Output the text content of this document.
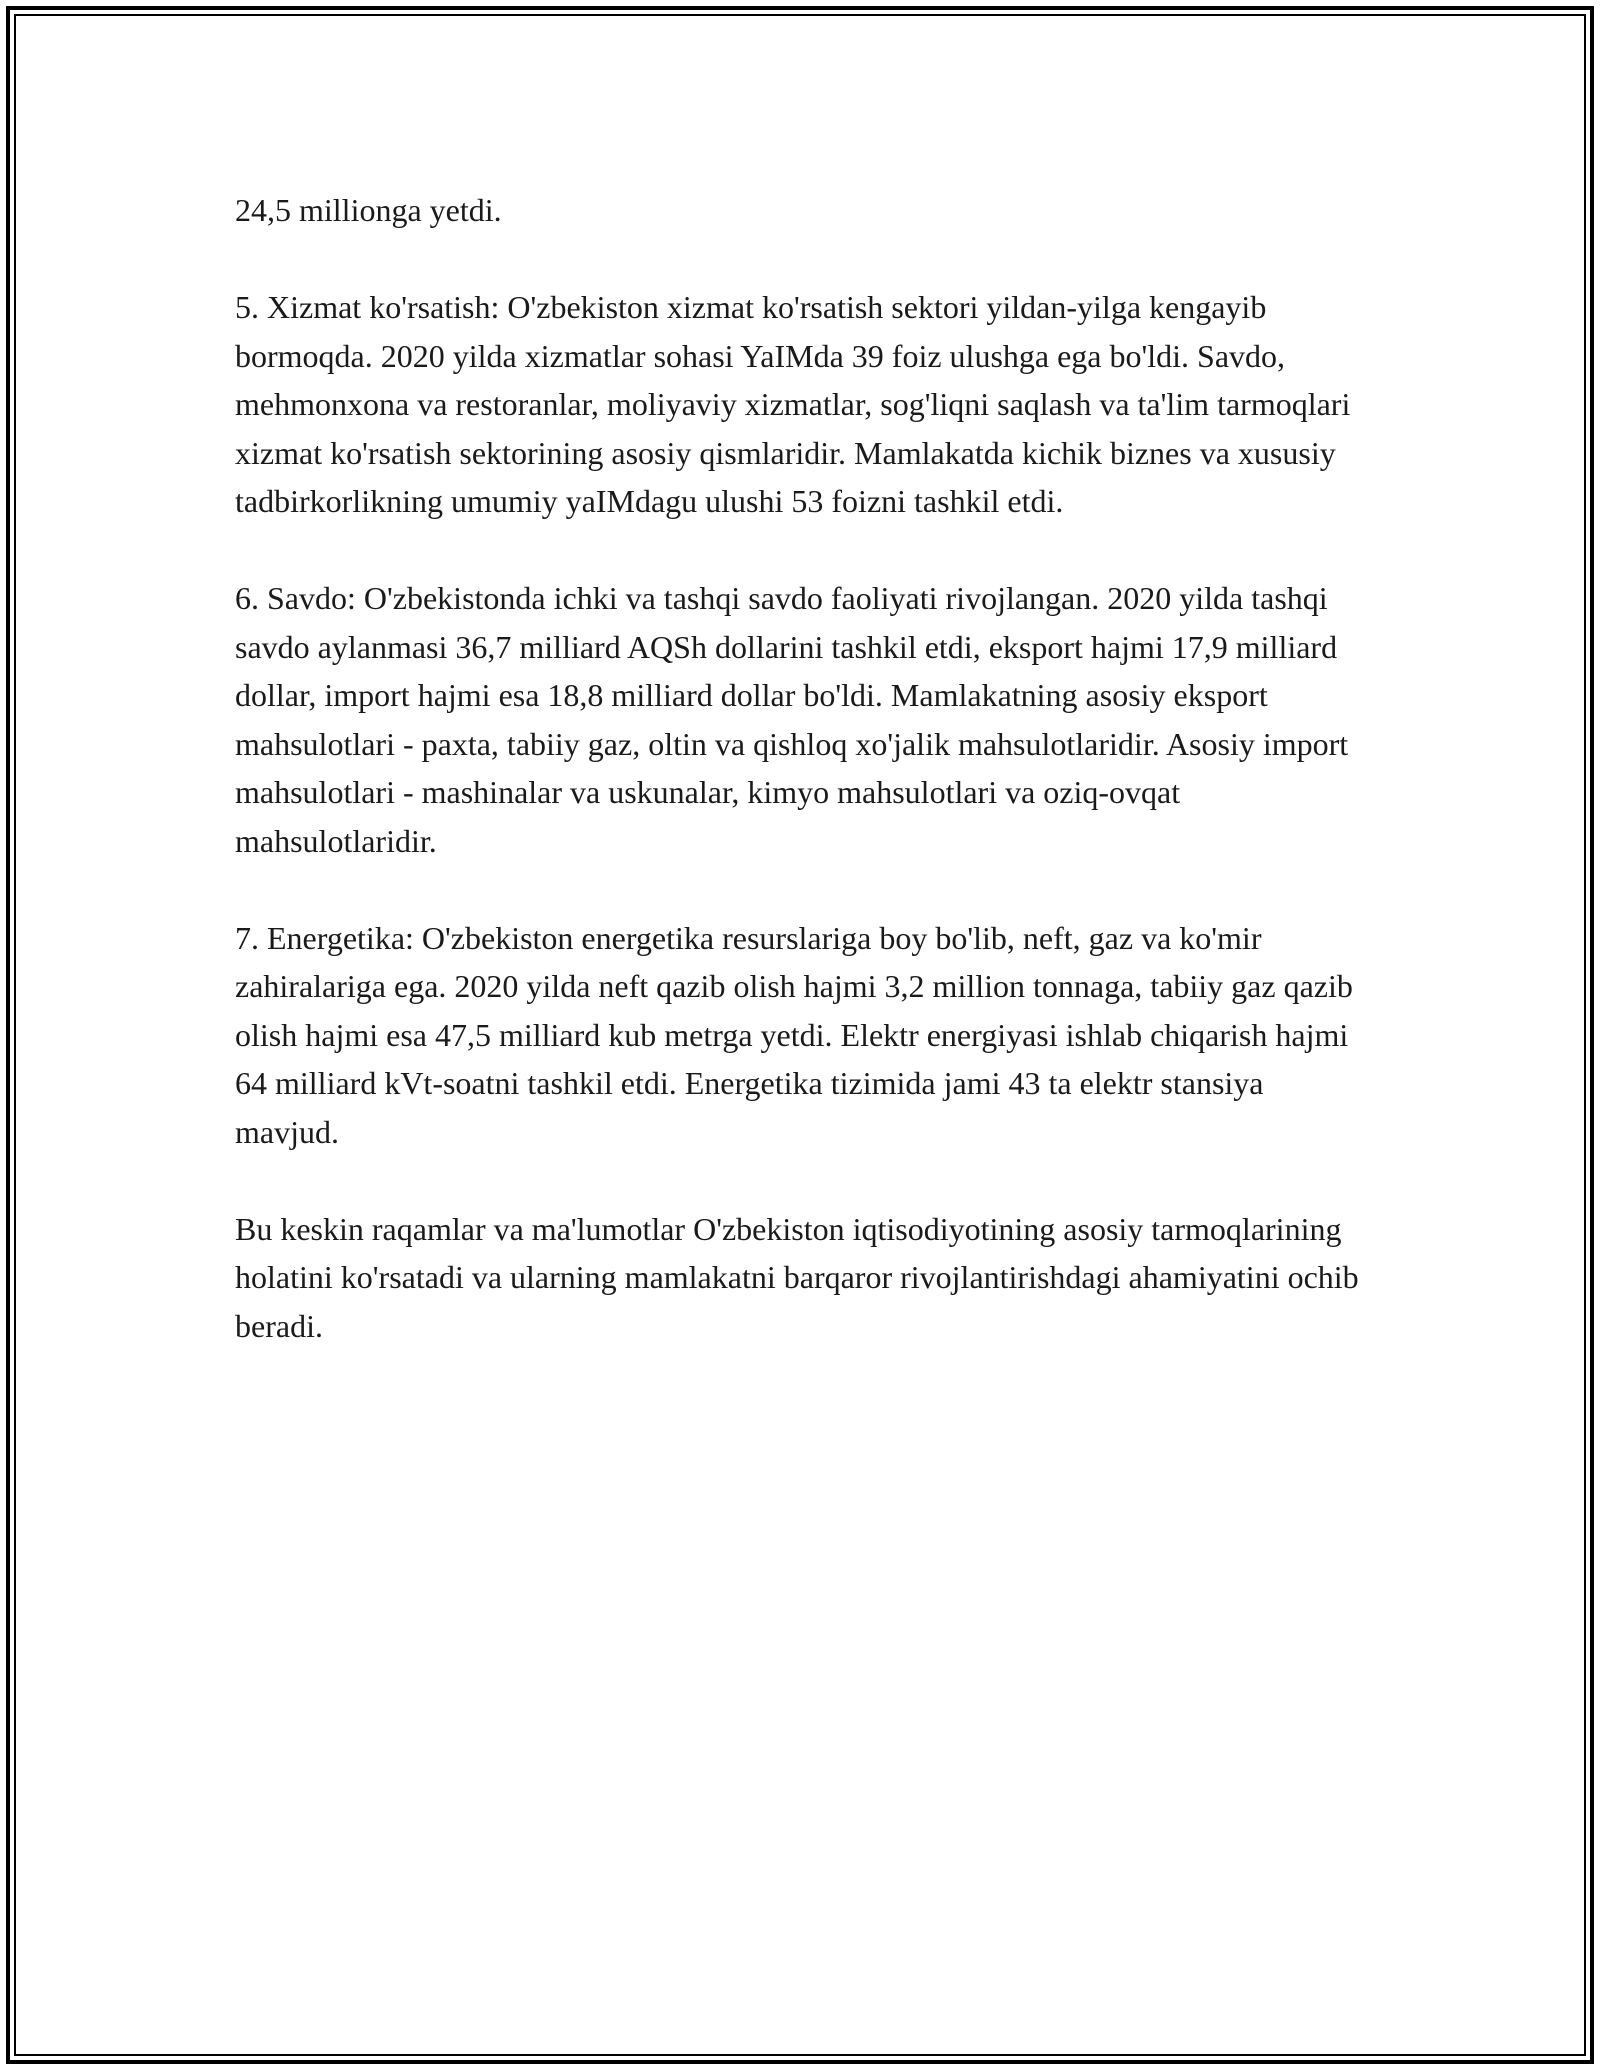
24,5 millionga yetdi.

5. Xizmat ko'rsatish: O'zbekiston xizmat ko'rsatish sektori yildan-yilga kengayib bormoqda. 2020 yilda xizmatlar sohasi YaIMda 39 foiz ulushga ega bo'ldi. Savdo, mehmonxona va restoranlar, moliyaviy xizmatlar, sog'liqni saqlash va ta'lim tarmoqlari xizmat ko'rsatish sektorining asosiy qismlaridir. Mamlakatda kichik biznes va xususiy tadbirkorlikning umumiy yaIMdagu ulushi 53 foizni tashkil etdi.

6. Savdo: O'zbekistonda ichki va tashqi savdo faoliyati rivojlangan. 2020 yilda tashqi savdo aylanmasi 36,7 milliard AQSh dollarini tashkil etdi, eksport hajmi 17,9 milliard dollar, import hajmi esa 18,8 milliard dollar bo'ldi. Mamlakatning asosiy eksport mahsulotlari - paxta, tabiiy gaz, oltin va qishloq xo'jalik mahsulotlaridir. Asosiy import mahsulotlari - mashinalar va uskunalar, kimyo mahsulotlari va oziq-ovqat mahsulotlaridir.

7. Energetika: O'zbekiston energetika resurslariga boy bo'lib, neft, gaz va ko'mir zahiralariga ega. 2020 yilda neft qazib olish hajmi 3,2 million tonnaga, tabiiy gaz qazib olish hajmi esa 47,5 milliard kub metrga yetdi. Elektr energiyasi ishlab chiqarish hajmi 64 milliard kVt-soatni tashkil etdi. Energetika tizimida jami 43 ta elektr stansiya mavjud.

Bu keskin raqamlar va ma'lumotlar O'zbekiston iqtisodiyotining asosiy tarmoqlarining holatini ko'rsatadi va ularning mamlakatni barqaror rivojlantirishdagi ahamiyatini ochib beradi.
